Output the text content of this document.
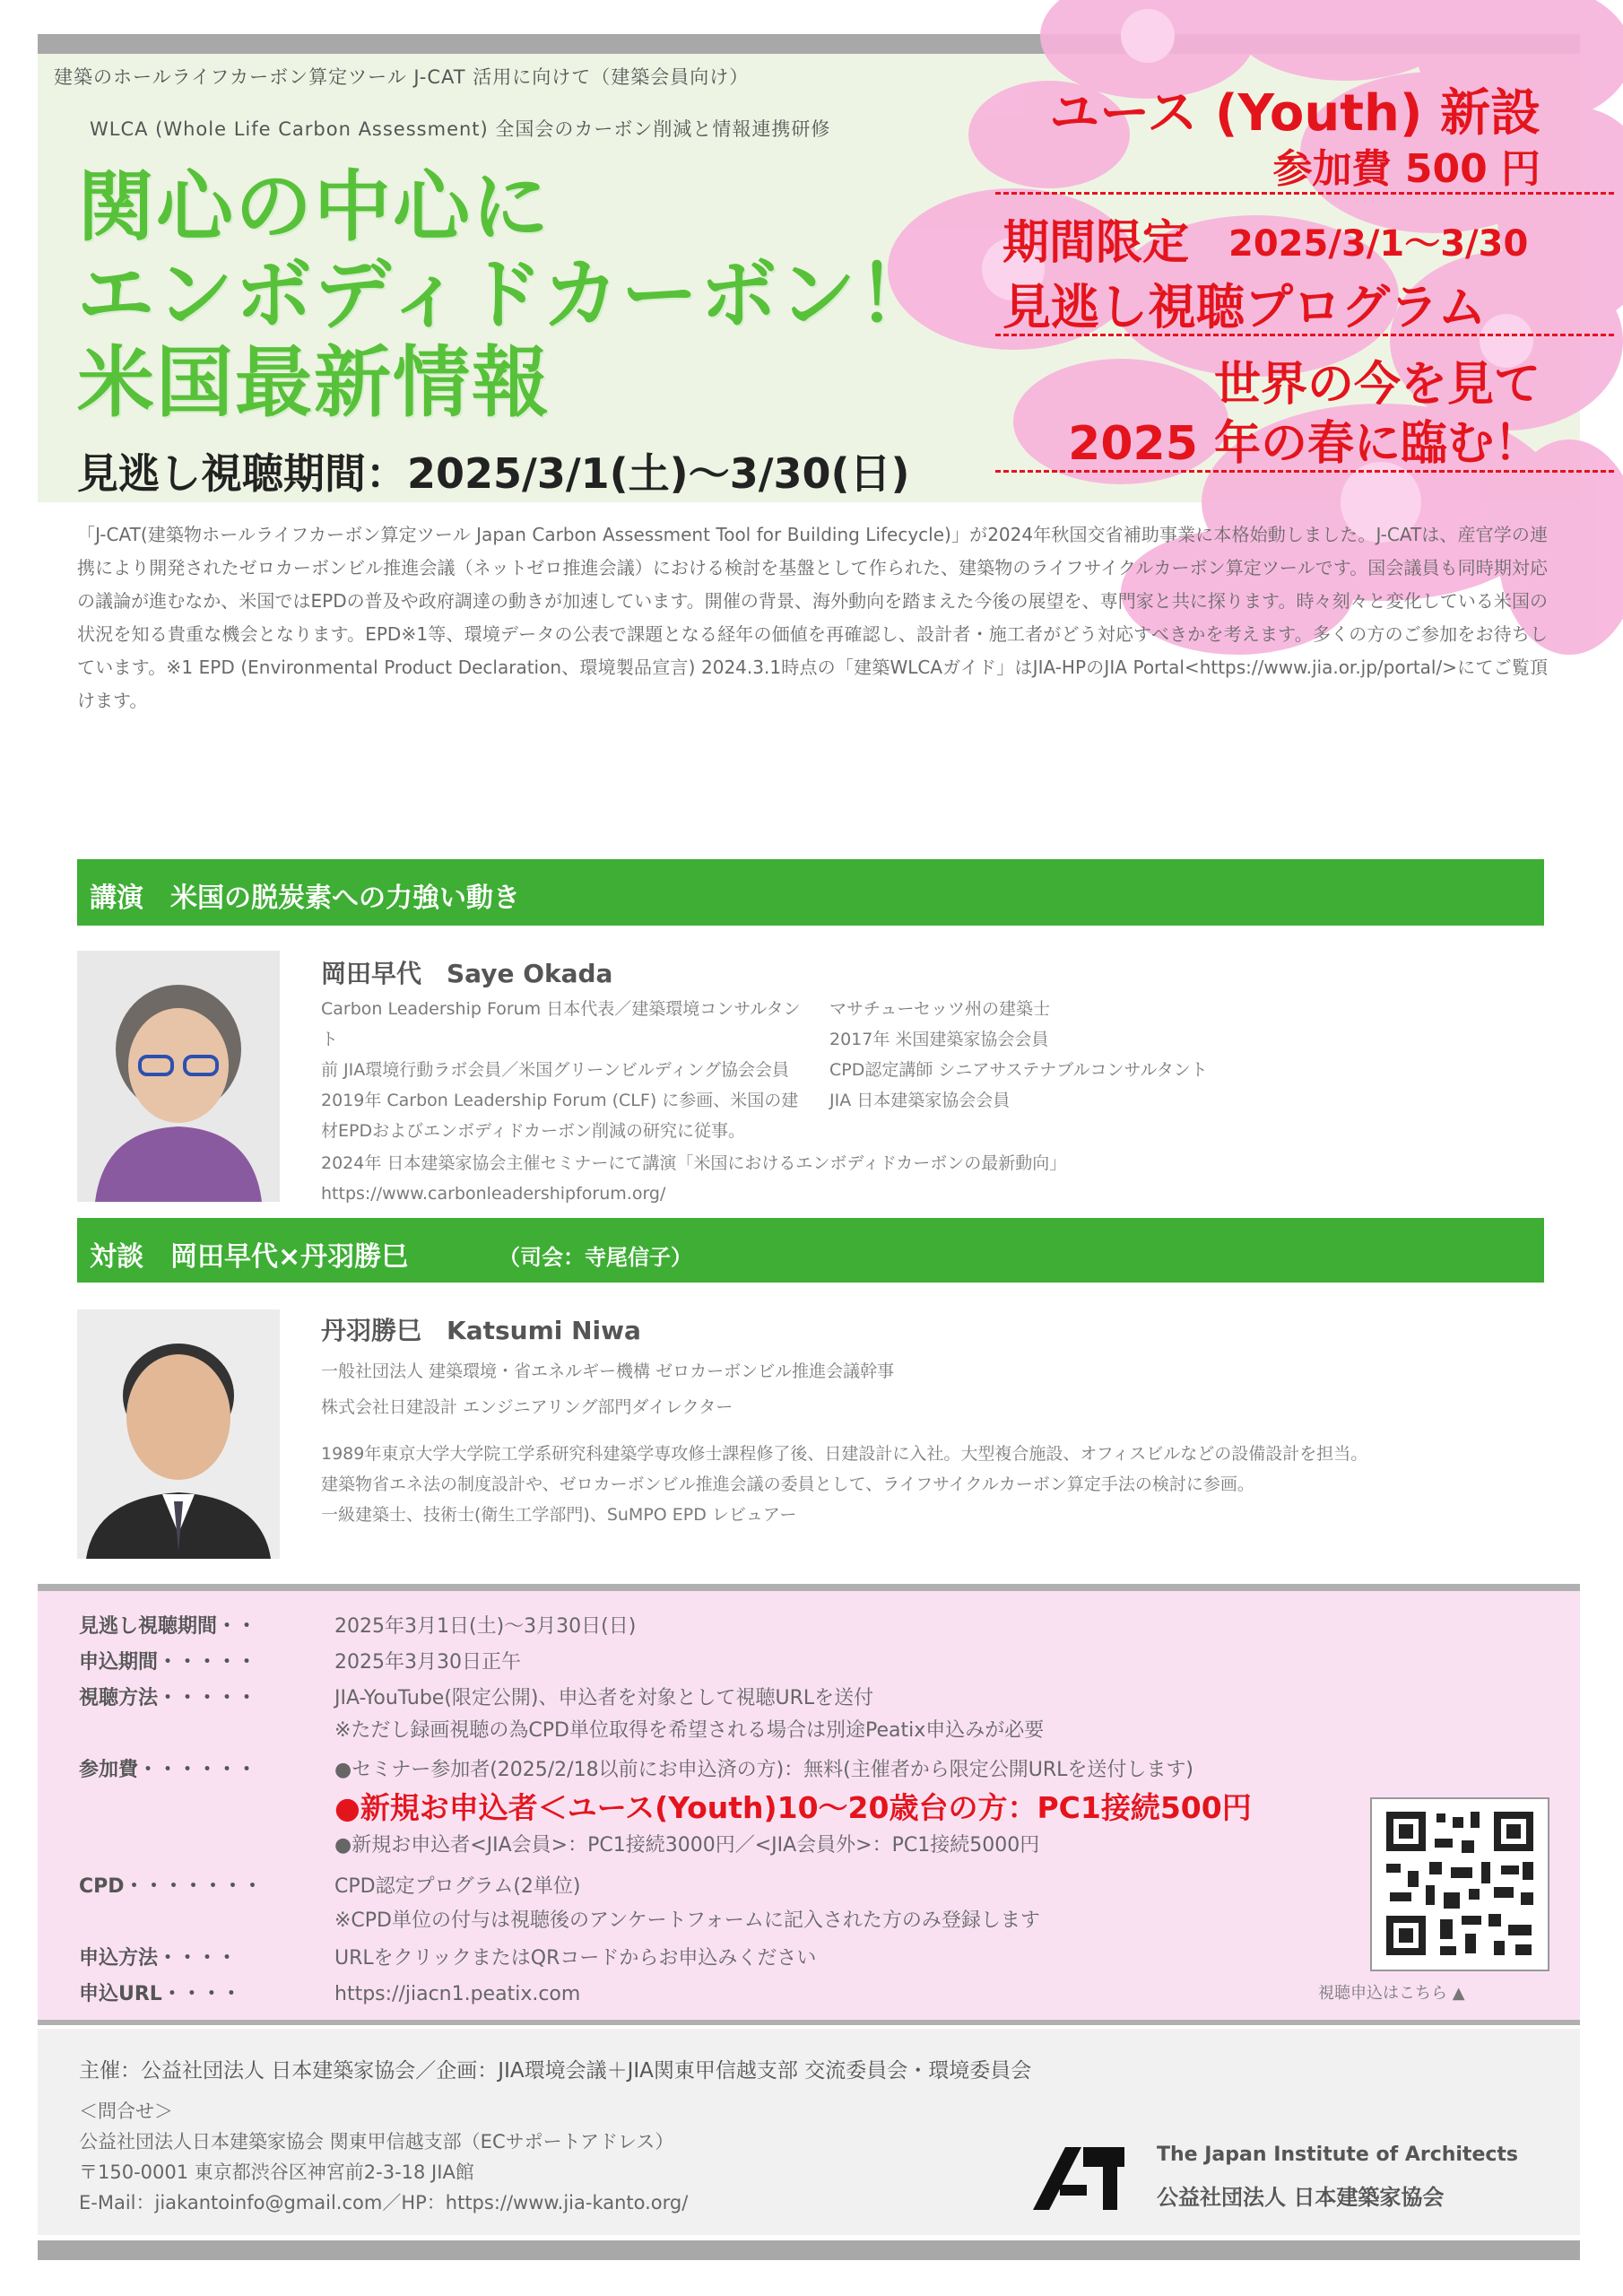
建築のホールライフカーボン算定ツール J-CAT 活用に向けて（建築会員向け）
WLCA (Whole Life Carbon Assessment) 全国会のカーボン削減と情報連携研修
関心の中心に
エンボディドカーボン！
米国最新情報
見逃し視聴期間：2025/3/1(土)〜3/30(日)
ユース (Youth) 新設
参加費 500 円
期間限定 2025/3/1〜3/30
見逃し視聴プログラム
世界の今を見て
2025 年の春に臨む！
「J-CAT(建築物ホールライフカーボン算定ツール Japan Carbon Assessment Tool for Building Lifecycle)」が2024年秋国交省補助事業に本格始動しました。J-CATは、産官学の連携により開発されたゼロカーボンビル推進会議（ネットゼロ推進会議）における検討を基盤として作られた、建築物のライフサイクルカーボン算定ツールです。国会議員も同時期対応の議論が進むなか、米国ではEPDの普及や政府調達の動きが加速しています。開催の背景、海外動向を踏まえた今後の展望を、専門家と共に探ります。時々刻々と変化している米国の状況を知る貴重な機会となります。EPD※1等、環境データの公表で課題となる経年の価値を再確認し、設計者・施工者がどう対応すべきかを考えます。多くの方のご参加をお待ちしています。※1 EPD (Environmental Product Declaration、環境製品宣言) 2024.3.1時点の「建築WLCAガイド」はJIA-HPのJIA Portal<https://www.jia.or.jp/portal/>にてご覧頂けます。
講演　米国の脱炭素への力強い動き
岡田早代　Saye Okada
Carbon Leadership Forum 日本代表／建築環境コンサルタント
前 JIA環境行動ラボ会員／米国グリーンビルディング協会会員
2019年 Carbon Leadership Forum (CLF) に参画、米国の建材EPDおよびエンボディドカーボン削減の研究に従事。
2024年 日本建築家協会主催セミナーにて講演「米国におけるエンボディドカーボンの最新動向」
https://www.carbonleadershipforum.org/
マサチューセッツ州の建築士
2017年 米国建築家協会会員
CPD認定講師 シニアサステナブルコンサルタント
JIA 日本建築家協会会員
対談　岡田早代×丹羽勝巳	（司会：寺尾信子）
丹羽勝巳　Katsumi Niwa
一般社団法人 建築環境・省エネルギー機構 ゼロカーボンビル推進会議幹事
株式会社日建設計 エンジニアリング部門ダイレクター
1989年東京大学大学院工学系研究科建築学専攻修士課程修了後、日建設計に入社。大型複合施設、オフィスビルなどの設備設計を担当。
建築物省エネ法の制度設計や、ゼロカーボンビル推進会議の委員として、ライフサイクルカーボン算定手法の検討に参画。
一級建築士、技術士(衛生工学部門)、SuMPO EPD レビュアー
見逃し視聴期間・・	2025年3月1日(土)〜3月30日(日)
申込期間・・・・・	2025年3月30日正午
視聴方法・・・・・	JIA-YouTube(限定公開)、申込者を対象として視聴URLを送付
※ただし録画視聴の為CPD単位取得を希望される場合は別途Peatix申込みが必要
参加費・・・・・・	●セミナー参加者(2025/2/18以前にお申込済の方)：無料(主催者から限定公開URLを送付します)
●新規お申込者＜ユース(Youth)10〜20歳台の方：PC1接続500円
●新規お申込者<JIA会員>：PC1接続3000円／<JIA会員外>：PC1接続5000円
CPD・・・・・・・	CPD認定プログラム(2単位)
※CPD単位の付与は視聴後のアンケートフォームに記入された方のみ登録します
申込方法・・・・	URLをクリックまたはQRコードからお申込みください
申込URL・・・・	https://jiacn1.peatix.com	視聴申込はこちら ▲
主催：公益社団法人 日本建築家協会／企画：JIA環境会議＋JIA関東甲信越支部 交流委員会・環境委員会
＜問合せ＞
公益社団法人日本建築家協会 関東甲信越支部（ECサポートアドレス）
〒150-0001 東京都渋谷区神宮前2-3-18 JIA館
E-Mail：jiakantoinfo@gmail.com／HP：https://www.jia-kanto.org/
The Japan Institute of Architects
公益社団法人 日本建築家協会
